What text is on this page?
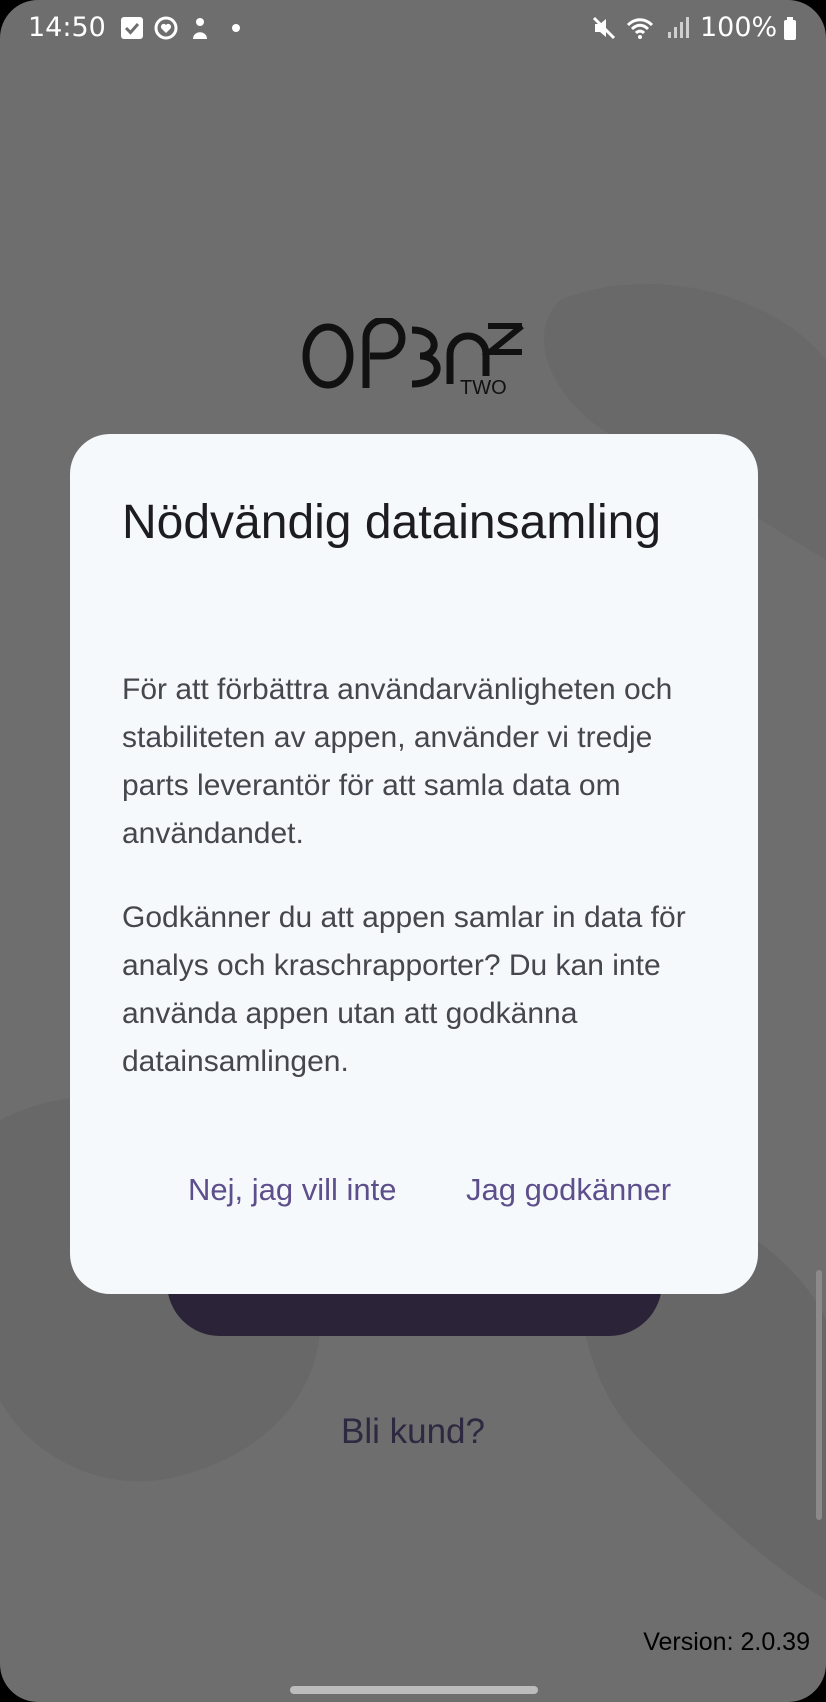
14:50	100%
TWO
Bli kund?
Version: 2.0.39
Nödvändig datainsamling
För att förbättra användarvänligheten och stabiliteten av appen, använder vi tredje parts leverantör för att samla data om användandet.
Godkänner du att appen samlar in data för analys och kraschrapporter? Du kan inte använda appen utan att godkänna datainsamlingen.
Nej, jag vill inte Jag godkänner
